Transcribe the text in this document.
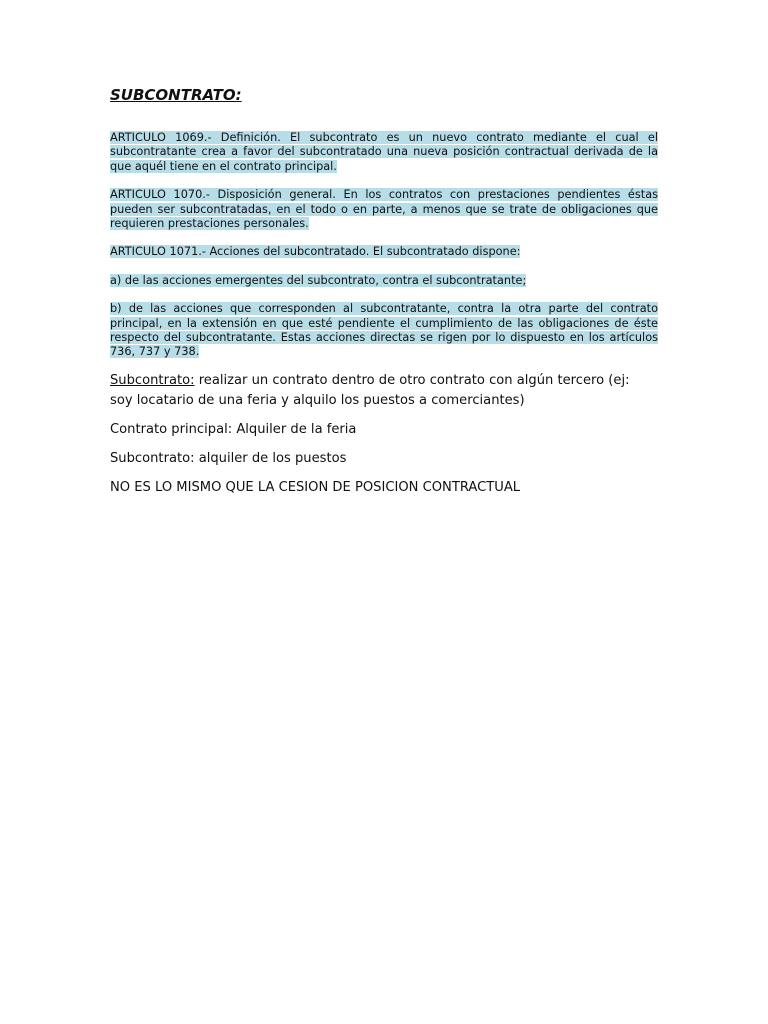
SUBCONTRATO:

ARTICULO 1069.- Definición. El subcontrato es un nuevo contrato mediante el cual el subcontratante crea a favor del subcontratado una nueva posición contractual derivada de la que aquél tiene en el contrato principal.

ARTICULO 1070.- Disposición general. En los contratos con prestaciones pendientes éstas pueden ser subcontratadas, en el todo o en parte, a menos que se trate de obligaciones que requieren prestaciones personales.

ARTICULO 1071.- Acciones del subcontratado. El subcontratado dispone:

a) de las acciones emergentes del subcontrato, contra el subcontratante;

b) de las acciones que corresponden al subcontratante, contra la otra parte del contrato principal, en la extensión en que esté pendiente el cumplimiento de las obligaciones de éste respecto del subcontratante. Estas acciones directas se rigen por lo dispuesto en los artículos 736, 737 y 738.

Subcontrato: realizar un contrato dentro de otro contrato con algún tercero (ej: soy locatario de una feria y alquilo los puestos a comerciantes)

Contrato principal: Alquiler de la feria

Subcontrato: alquiler de los puestos

NO ES LO MISMO QUE LA CESION DE POSICION CONTRACTUAL
